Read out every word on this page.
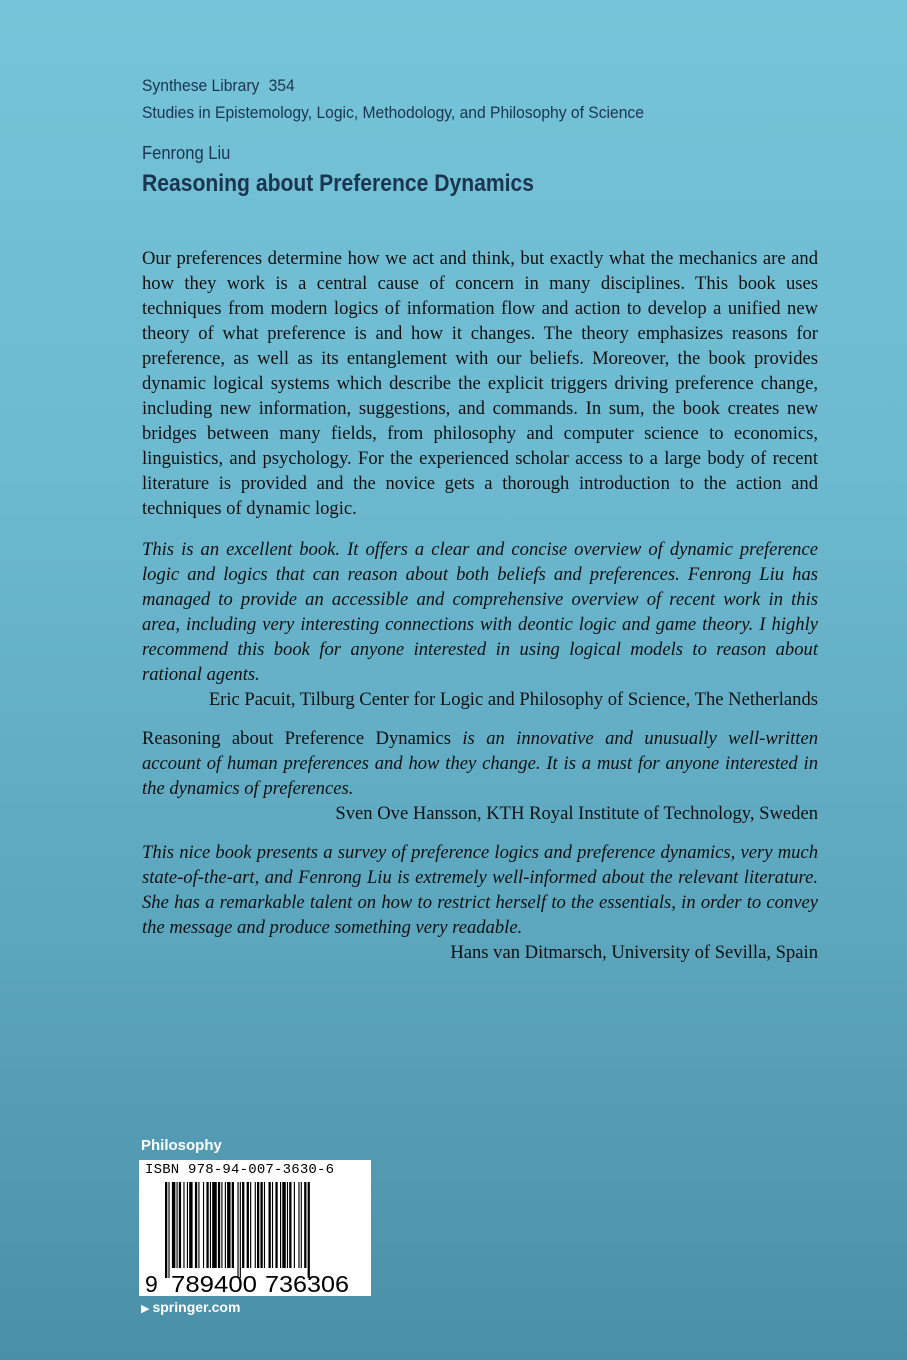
Synthese Library 354
Studies in Epistemology, Logic, Methodology, and Philosophy of Science
Fenrong Liu
Reasoning about Preference Dynamics

Our preferences determine how we act and think, but exactly what the mechanics are and how they work is a central cause of concern in many disciplines. This book uses techniques from modern logics of information flow and action to develop a unified new theory of what preference is and how it changes. The theory emphasizes reasons for preference, as well as its entanglement with our beliefs. Moreover, the book provides dynamic logical systems which describe the explicit triggers driving preference change, including new information, suggestions, and commands. In sum, the book creates new bridges between many fields, from philosophy and computer science to economics, linguistics, and psychology. For the experienced scholar access to a large body of recent literature is provided and the novice gets a thorough introduction to the action and techniques of dynamic logic.

This is an excellent book. It offers a clear and concise overview of dynamic preference logic and logics that can reason about both beliefs and preferences. Fenrong Liu has managed to provide an accessible and comprehensive overview of recent work in this area, including very interesting connections with deontic logic and game theory. I highly recommend this book for anyone interested in using logical models to reason about rational agents.
Eric Pacuit, Tilburg Center for Logic and Philosophy of Science, The Netherlands
Reasoning about Preference Dynamics is an innovative and unusually well-written account of human preferences and how they change. It is a must for anyone interested in the dynamics of preferences.
Sven Ove Hansson, KTH Royal Institute of Technology, Sweden
This nice book presents a survey of preference logics and preference dynamics, very much state-of-the-art, and Fenrong Liu is extremely well-informed about the relevant literature. She has a remarkable talent on how to restrict herself to the essentials, in order to convey the message and produce something very readable.
Hans van Ditmarsch, University of Sevilla, Spain
Philosophy
9 789400 736306
ISBN 978-94-007-3630-6
▶ springer.com
